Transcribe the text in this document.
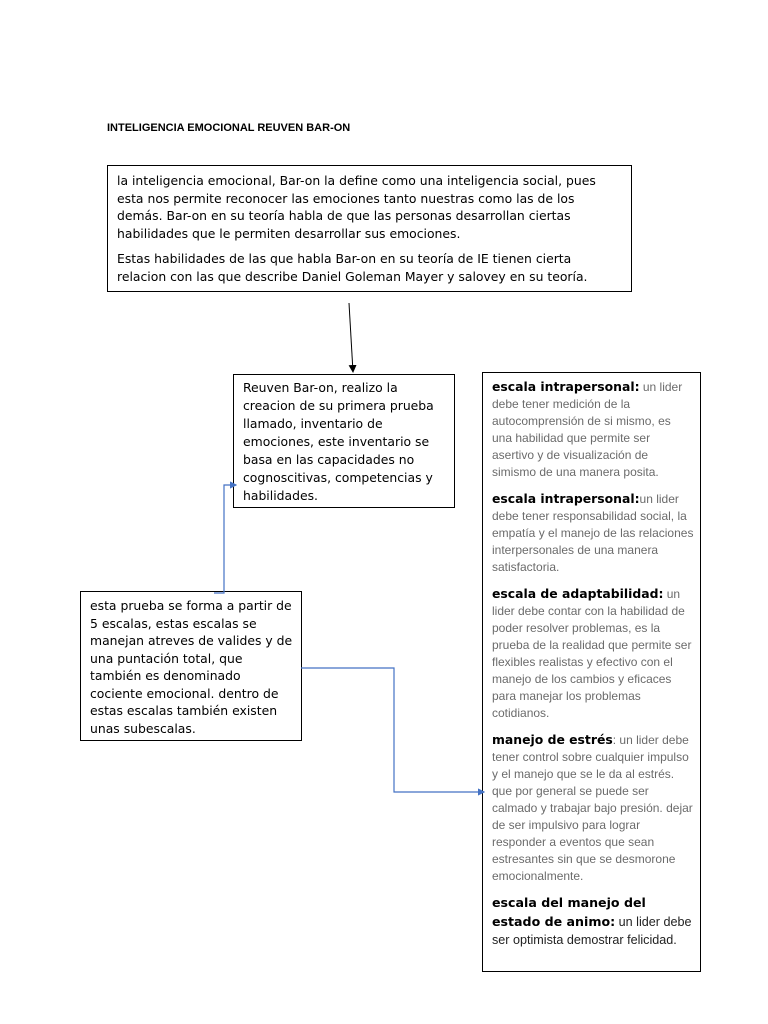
INTELIGENCIA EMOCIONAL REUVEN BAR-ON

la inteligencia emocional, Bar-on la define como una inteligencia social, pues esta nos permite reconocer las emociones tanto nuestras como las de los demás. Bar-on en su teoría habla de que las personas desarrollan ciertas habilidades que le permiten desarrollar sus emociones.

Estas habilidades de las que habla Bar-on en su teoría de IE tienen cierta relacion con las que describe Daniel Goleman Mayer y salovey en su teoría.

Reuven Bar-on, realizo la creacion de su primera prueba llamado, inventario de emociones, este inventario se basa en las capacidades no cognoscitivas, competencias y habilidades.
esta prueba se forma a partir de 5 escalas, estas escalas se manejan atreves de valides y de una puntación total, que también es denominado cociente emocional. dentro de estas escalas también existen unas subescalas.
escala intrapersonal: un lider debe tener medición de la autocomprensión de si mismo, es una habilidad que permite ser asertivo y de visualización de simismo de una manera posita.
escala intrapersonal:un lider debe tener responsabilidad social, la empatía y el manejo de las relaciones interpersonales de una manera satisfactoria.
escala de adaptabilidad: un lider debe contar con la habilidad de poder resolver problemas, es la prueba de la realidad que permite ser flexibles realistas y efectivo con el manejo de los cambios y eficaces para manejar los problemas cotidianos.
manejo de estrés: un lider debe tener control sobre cualquier impulso y el manejo que se le da al estrés. que por general se puede ser calmado y trabajar bajo presión. dejar de ser impulsivo para lograr responder a eventos que sean estresantes sin que se desmorone emocionalmente.
escala del manejo del estado de animo: un lider debe ser optimista demostrar felicidad.
